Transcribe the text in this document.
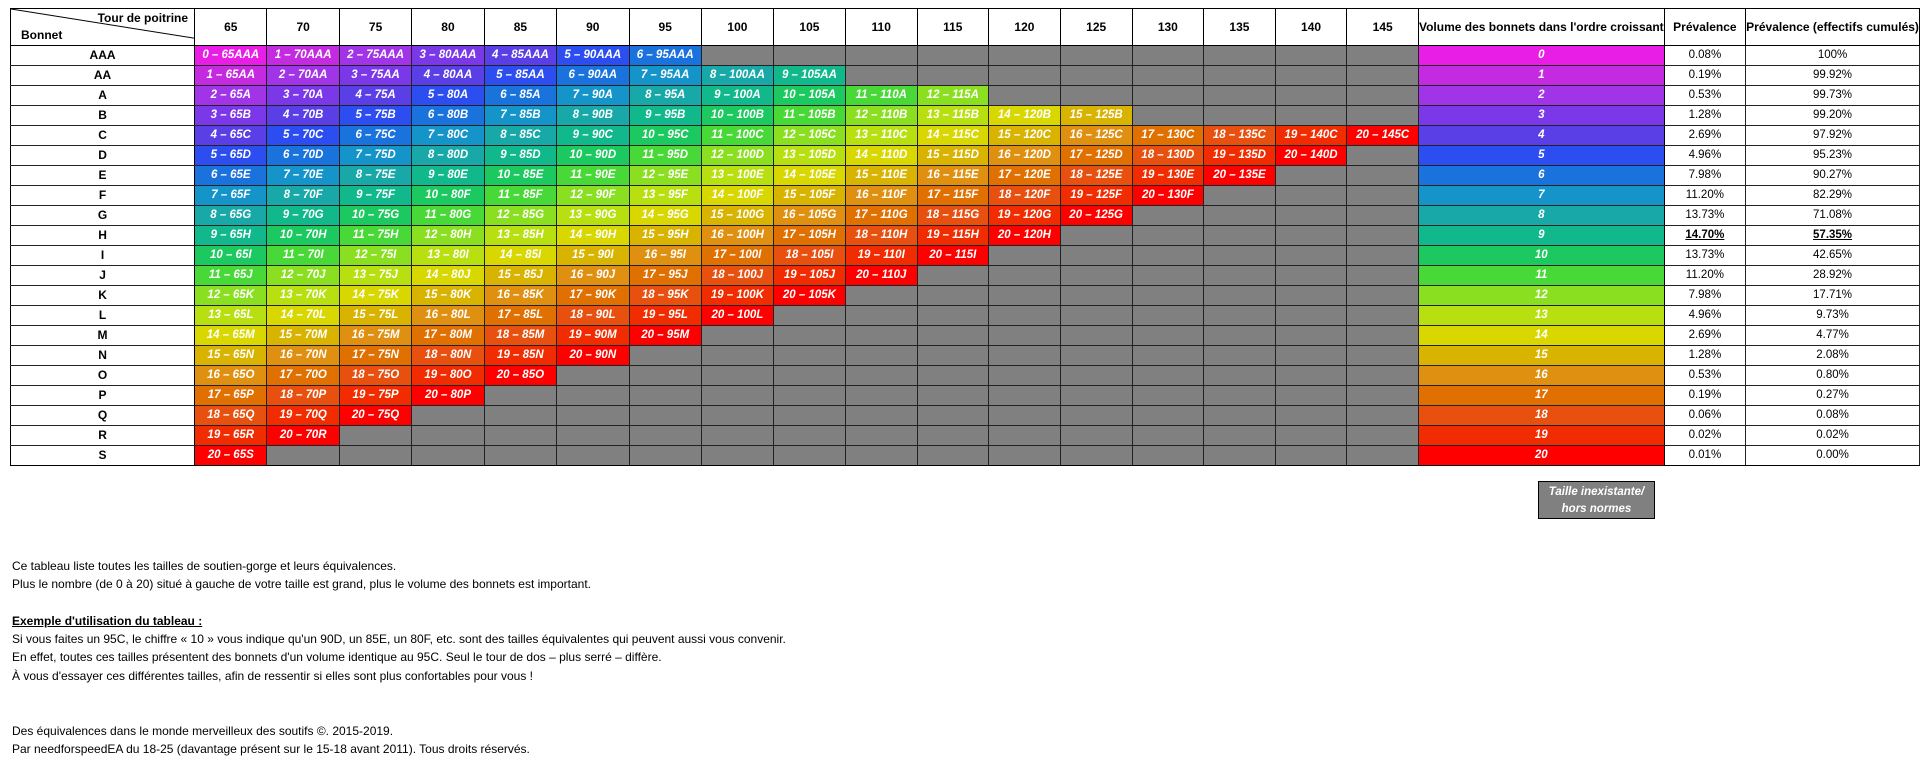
Tour de poitrine
Bonnet	65	70	75	80	85	90	95	100	105	110	115	120	125	130	135	140	145	Volume des bonnets dans l'ordre croissant	Prévalence	Prévalence (effectifs cumulés)
AAA	0 – 65AAA	1 – 70AAA	2 – 75AAA	3 – 80AAA	4 – 85AAA	5 – 90AAA	6 – 95AAA											0	0.08%	100%
AA	1 – 65AA	2 – 70AA	3 – 75AA	4 – 80AA	5 – 85AA	6 – 90AA	7 – 95AA	8 – 100AA	9 – 105AA									1	0.19%	99.92%
A	2 – 65A	3 – 70A	4 – 75A	5 – 80A	6 – 85A	7 – 90A	8 – 95A	9 – 100A	10 – 105A	11 – 110A	12 – 115A							2	0.53%	99.73%
B	3 – 65B	4 – 70B	5 – 75B	6 – 80B	7 – 85B	8 – 90B	9 – 95B	10 – 100B	11 – 105B	12 – 110B	13 – 115B	14 – 120B	15 – 125B					3	1.28%	99.20%
C	4 – 65C	5 – 70C	6 – 75C	7 – 80C	8 – 85C	9 – 90C	10 – 95C	11 – 100C	12 – 105C	13 – 110C	14 – 115C	15 – 120C	16 – 125C	17 – 130C	18 – 135C	19 – 140C	20 – 145C	4	2.69%	97.92%
D	5 – 65D	6 – 70D	7 – 75D	8 – 80D	9 – 85D	10 – 90D	11 – 95D	12 – 100D	13 – 105D	14 – 110D	15 – 115D	16 – 120D	17 – 125D	18 – 130D	19 – 135D	20 – 140D		5	4.96%	95.23%
E	6 – 65E	7 – 70E	8 – 75E	9 – 80E	10 – 85E	11 – 90E	12 – 95E	13 – 100E	14 – 105E	15 – 110E	16 – 115E	17 – 120E	18 – 125E	19 – 130E	20 – 135E			6	7.98%	90.27%
F	7 – 65F	8 – 70F	9 – 75F	10 – 80F	11 – 85F	12 – 90F	13 – 95F	14 – 100F	15 – 105F	16 – 110F	17 – 115F	18 – 120F	19 – 125F	20 – 130F				7	11.20%	82.29%
G	8 – 65G	9 – 70G	10 – 75G	11 – 80G	12 – 85G	13 – 90G	14 – 95G	15 – 100G	16 – 105G	17 – 110G	18 – 115G	19 – 120G	20 – 125G					8	13.73%	71.08%
H	9 – 65H	10 – 70H	11 – 75H	12 – 80H	13 – 85H	14 – 90H	15 – 95H	16 – 100H	17 – 105H	18 – 110H	19 – 115H	20 – 120H						9	14.70%	57.35%
I	10 – 65I	11 – 70I	12 – 75I	13 – 80I	14 – 85I	15 – 90I	16 – 95I	17 – 100I	18 – 105I	19 – 110I	20 – 115I							10	13.73%	42.65%
J	11 – 65J	12 – 70J	13 – 75J	14 – 80J	15 – 85J	16 – 90J	17 – 95J	18 – 100J	19 – 105J	20 – 110J								11	11.20%	28.92%
K	12 – 65K	13 – 70K	14 – 75K	15 – 80K	16 – 85K	17 – 90K	18 – 95K	19 – 100K	20 – 105K									12	7.98%	17.71%
L	13 – 65L	14 – 70L	15 – 75L	16 – 80L	17 – 85L	18 – 90L	19 – 95L	20 – 100L										13	4.96%	9.73%
M	14 – 65M	15 – 70M	16 – 75M	17 – 80M	18 – 85M	19 – 90M	20 – 95M											14	2.69%	4.77%
N	15 – 65N	16 – 70N	17 – 75N	18 – 80N	19 – 85N	20 – 90N												15	1.28%	2.08%
O	16 – 65O	17 – 70O	18 – 75O	19 – 80O	20 – 85O													16	0.53%	0.80%
P	17 – 65P	18 – 70P	19 – 75P	20 – 80P														17	0.19%	0.27%
Q	18 – 65Q	19 – 70Q	20 – 75Q															18	0.06%	0.08%
R	19 – 65R	20 – 70R																19	0.02%	0.02%
S	20 – 65S																	20	0.01%	0.00%
Taille inexistante/ hors normes

Ce tableau liste toutes les tailles de soutien-gorge et leurs équivalences.

Plus le nombre (de 0 à 20) situé à gauche de votre taille est grand, plus le volume des bonnets est important.

Exemple d'utilisation du tableau :

Si vous faites un 95C, le chiffre « 10 » vous indique qu'un 90D, un 85E, un 80F, etc. sont des tailles équivalentes qui peuvent aussi vous convenir.

En effet, toutes ces tailles présentent des bonnets d'un volume identique au 95C. Seul le tour de dos – plus serré – diffère.

À vous d'essayer ces différentes tailles, afin de ressentir si elles sont plus confortables pour vous !

Des équivalences dans le monde merveilleux des soutifs ©. 2015-2019.

Par needforspeedEA du 18-25 (davantage présent sur le 15-18 avant 2011). Tous droits réservés.
